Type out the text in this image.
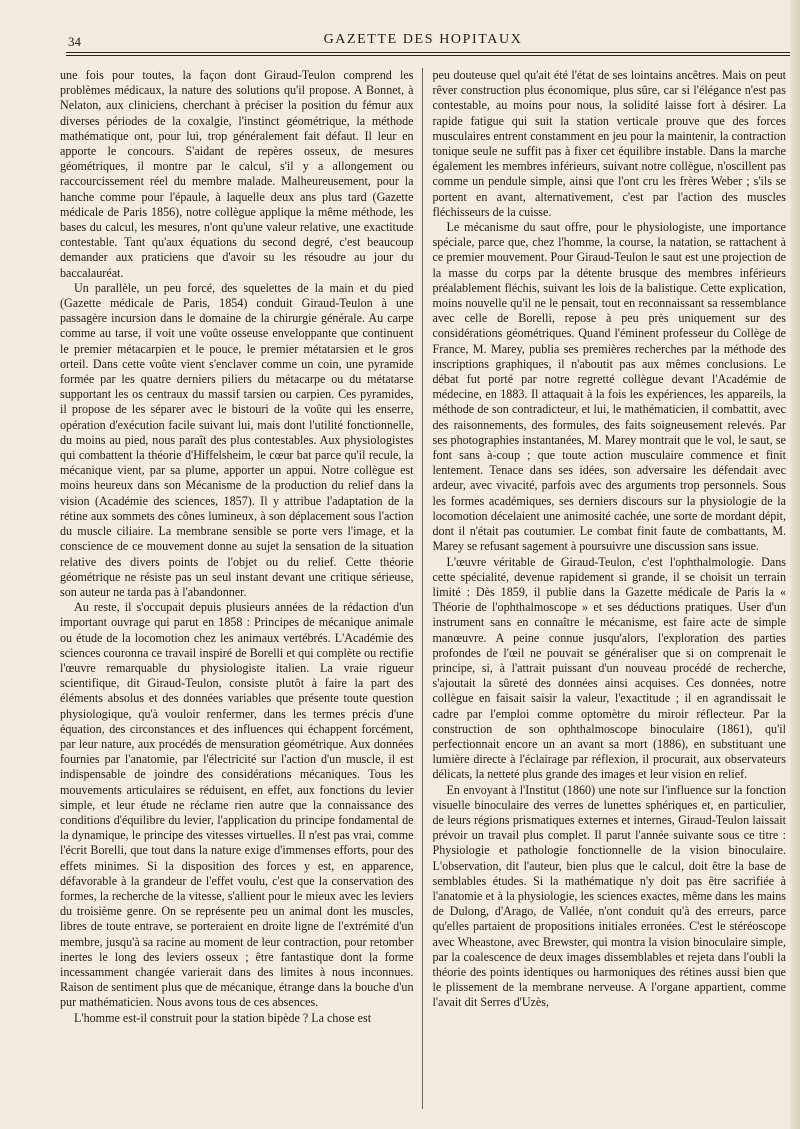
34	GAZETTE DES HOPITAUX

une fois pour toutes, la façon dont Giraud-Teulon comprend les problèmes médicaux, la nature des solutions qu'il propose. A Bonnet, à Nelaton, aux cliniciens, cherchant à préciser la position du fémur aux diverses périodes de la coxalgie, l'instinct géométrique, la méthode mathématique ont, pour lui, trop généralement fait défaut. Il leur en apporte le concours. S'aidant de repères osseux, de mesures géométriques, il montre par le calcul, s'il y a allongement ou raccourcissement réel du membre malade. Malheureusement, pour la hanche comme pour l'épaule, à laquelle deux ans plus tard (Gazette médicale de Paris 1856), notre collègue applique la même méthode, les bases du calcul, les mesures, n'ont qu'une valeur relative, une exactitude contestable. Tant qu'aux équations du second degré, c'est beaucoup demander aux praticiens que d'avoir su les résoudre au jour du baccalauréat.

Un parallèle, un peu forcé, des squelettes de la main et du pied (Gazette médicale de Paris, 1854) conduit Giraud-Teulon à une passagère incursion dans le domaine de la chirurgie générale. Au carpe comme au tarse, il voit une voûte osseuse enveloppante que continuent le premier métacarpien et le pouce, le premier métatarsien et le gros orteil. Dans cette voûte vient s'enclaver comme un coin, une pyramide formée par les quatre derniers piliers du métacarpe ou du métatarse supportant les os centraux du massif tarsien ou carpien. Ces pyramides, il propose de les séparer avec le bistouri de la voûte qui les enserre, opération d'exécution facile suivant lui, mais dont l'utilité fonctionnelle, du moins au pied, nous paraît des plus contestables. Aux physiologistes qui combattent la théorie d'Hiffelsheim, le cœur bat parce qu'il recule, la mécanique vient, par sa plume, apporter un appui. Notre collègue est moins heureux dans son Mécanisme de la production du relief dans la vision (Académie des sciences, 1857). Il y attribue l'adaptation de la rétine aux sommets des cônes lumineux, à son déplacement sous l'action du muscle ciliaire. La membrane sensible se porte vers l'image, et la conscience de ce mouvement donne au sujet la sensation de la situation relative des divers points de l'objet ou du relief. Cette théorie géométrique ne résiste pas un seul instant devant une critique sérieuse, son auteur ne tarda pas à l'abandonner.

Au reste, il s'occupait depuis plusieurs années de la rédaction d'un important ouvrage qui parut en 1858 : Principes de mécanique animale ou étude de la locomotion chez les animaux vertébrés. L'Académie des sciences couronna ce travail inspiré de Borelli et qui complète ou rectifie l'œuvre remarquable du physiologiste italien. La vraie rigueur scientifique, dit Giraud-Teulon, consiste plutôt à faire la part des éléments absolus et des données variables que présente toute question physiologique, qu'à vouloir renfermer, dans les termes précis d'une équation, des circonstances et des influences qui échappent forcément, par leur nature, aux procédés de mensuration géométrique. Aux données fournies par l'anatomie, par l'électricité sur l'action d'un muscle, il est indispensable de joindre des considérations mécaniques. Tous les mouvements articulaires se réduisent, en effet, aux fonctions du levier simple, et leur étude ne réclame rien autre que la connaissance des conditions d'équilibre du levier, l'application du principe fondamental de la dynamique, le principe des vitesses virtuelles. Il n'est pas vrai, comme l'écrit Borelli, que tout dans la nature exige d'immenses efforts, pour des effets minimes. Si la disposition des forces y est, en apparence, défavorable à la grandeur de l'effet voulu, c'est que la conservation des formes, la recherche de la vitesse, s'allient pour le mieux avec les leviers du troisième genre. On se représente peu un animal dont les muscles, libres de toute entrave, se porteraient en droite ligne de l'extrémité d'un membre, jusqu'à sa racine au moment de leur contraction, pour retomber inertes le long des leviers osseux ; être fantastique dont la forme incessamment changée varierait dans des limites à nous inconnues. Raison de sentiment plus que de mécanique, étrange dans la bouche d'un pur mathématicien. Nous avons tous de ces absences.

L'homme est-il construit pour la station bipède ? La chose est

peu douteuse quel qu'ait été l'état de ses lointains ancêtres. Mais on peut rêver construction plus économique, plus sûre, car si l'élégance n'est pas contestable, au moins pour nous, la solidité laisse fort à désirer. La rapide fatigue qui suit la station verticale prouve que des forces musculaires entrent constamment en jeu pour la maintenir, la contraction tonique seule ne suffit pas à fixer cet équilibre instable. Dans la marche également les membres inférieurs, suivant notre collègue, n'oscillent pas comme un pendule simple, ainsi que l'ont cru les frères Weber ; s'ils se portent en avant, alternativement, c'est par l'action des muscles fléchisseurs de la cuisse.

Le mécanisme du saut offre, pour le physiologiste, une importance spéciale, parce que, chez l'homme, la course, la natation, se rattachent à ce premier mouvement. Pour Giraud-Teulon le saut est une projection de la masse du corps par la détente brusque des membres inférieurs préalablement fléchis, suivant les lois de la balistique. Cette explication, moins nouvelle qu'il ne le pensait, tout en reconnaissant sa ressemblance avec celle de Borelli, repose à peu près uniquement sur des considérations géométriques. Quand l'éminent professeur du Collège de France, M. Marey, publia ses premières recherches par la méthode des inscriptions graphiques, il n'aboutit pas aux mêmes conclusions. Le débat fut porté par notre regretté collègue devant l'Académie de médecine, en 1883. Il attaquait à la fois les expériences, les appareils, la méthode de son contradicteur, et lui, le mathématicien, il combattit, avec des raisonnements, des formules, des faits soigneusement relevés. Par ses photographies instantanées, M. Marey montrait que le vol, le saut, se font sans à-coup ; que toute action musculaire commence et finit lentement. Tenace dans ses idées, son adversaire les défendait avec ardeur, avec vivacité, parfois avec des arguments trop personnels. Sous les formes académiques, ses derniers discours sur la physiologie de la locomotion décelaient une animosité cachée, une sorte de mordant dépit, dont il n'était pas coutumier. Le combat finit faute de combattants, M. Marey se refusant sagement à poursuivre une discussion sans issue.

L'œuvre véritable de Giraud-Teulon, c'est l'ophthalmologie. Dans cette spécialité, devenue rapidement si grande, il se choisit un terrain limité : Dès 1859, il publie dans la Gazette médicale de Paris la « Théorie de l'ophthalmoscope » et ses déductions pratiques. User d'un instrument sans en connaître le mécanisme, est faire acte de simple manœuvre. A peine connue jusqu'alors, l'exploration des parties profondes de l'œil ne pouvait se généraliser que si on comprenait le principe, si, à l'attrait puissant d'un nouveau procédé de recherche, s'ajoutait la sûreté des données ainsi acquises. Ces données, notre collègue en faisait saisir la valeur, l'exactitude ; il en agrandissait le cadre par l'emploi comme optomètre du miroir réflecteur. Par la construction de son ophthalmoscope binoculaire (1861), qu'il perfectionnait encore un an avant sa mort (1886), en substituant une lumière directe à l'éclairage par réflexion, il procurait, aux observateurs délicats, la netteté plus grande des images et leur vision en relief.

En envoyant à l'Institut (1860) une note sur l'influence sur la fonction visuelle binoculaire des verres de lunettes sphériques et, en particulier, de leurs régions prismatiques externes et internes, Giraud-Teulon laissait prévoir un travail plus complet. Il parut l'année suivante sous ce titre : Physiologie et pathologie fonctionnelle de la vision binoculaire. L'observation, dit l'auteur, bien plus que le calcul, doit être la base de semblables études. Si la mathématique n'y doit pas être sacrifiée à l'anatomie et à la physiologie, les sciences exactes, même dans les mains de Dulong, d'Arago, de Vallée, n'ont conduit qu'à des erreurs, parce qu'elles partaient de propositions initiales erronées. C'est le stéréoscope avec Wheastone, avec Brewster, qui montra la vision binoculaire simple, par la coalescence de deux images dissemblables et rejeta dans l'oubli la théorie des points identiques ou harmoniques des rétines aussi bien que le plissement de la membrane nerveuse. A l'organe appartient, comme l'avait dit Serres d'Uzès,
